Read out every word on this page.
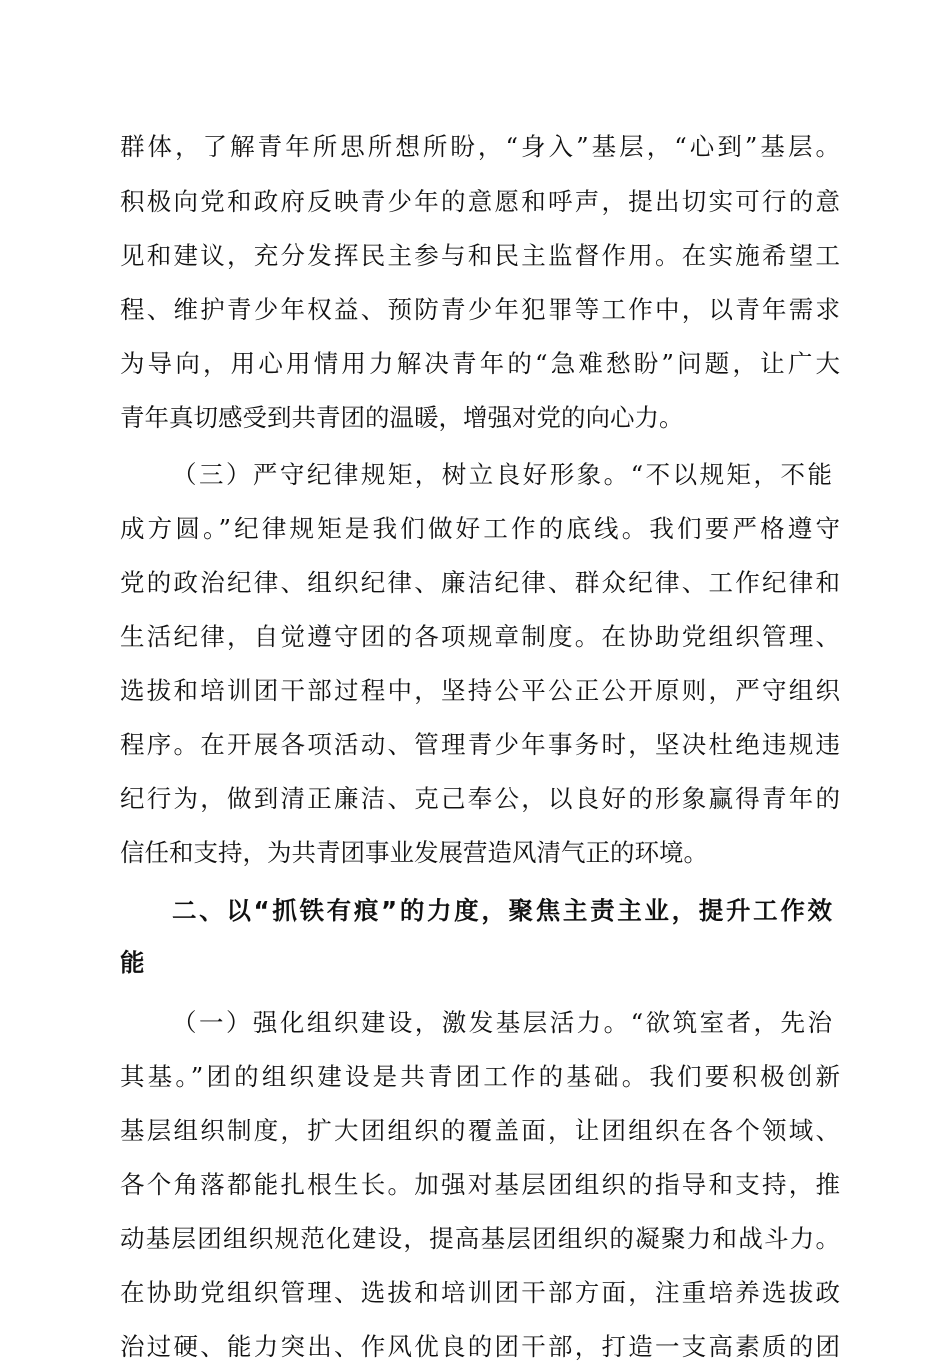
群体，了解青年所思所想所盼，“身入”基层，“心到”基层。
积极向党和政府反映青少年的意愿和呼声，提出切实可行的意
见和建议，充分发挥民主参与和民主监督作用。在实施希望工
程、维护青少年权益、预防青少年犯罪等工作中，以青年需求
为导向，用心用情用力解决青年的“急难愁盼”问题，让广大
青年真切感受到共青团的温暖，增强对党的向心力。
（三）严守纪律规矩，树立良好形象。“不以规矩，不能
成方圆。”纪律规矩是我们做好工作的底线。我们要严格遵守
党的政治纪律、组织纪律、廉洁纪律、群众纪律、工作纪律和
生活纪律，自觉遵守团的各项规章制度。在协助党组织管理、
选拔和培训团干部过程中，坚持公平公正公开原则，严守组织
程序。在开展各项活动、管理青少年事务时，坚决杜绝违规违
纪行为，做到清正廉洁、克己奉公，以良好的形象赢得青年的
信任和支持，为共青团事业发展营造风清气正的环境。
二、以“抓铁有痕”的力度，聚焦主责主业，提升工作效
能
（一）强化组织建设，激发基层活力。“欲筑室者，先治
其基。”团的组织建设是共青团工作的基础。我们要积极创新
基层组织制度，扩大团组织的覆盖面，让团组织在各个领域、
各个角落都能扎根生长。加强对基层团组织的指导和支持，推
动基层团组织规范化建设，提高基层团组织的凝聚力和战斗力。
在协助党组织管理、选拔和培训团干部方面，注重培养选拔政
治过硬、能力突出、作风优良的团干部，打造一支高素质的团
